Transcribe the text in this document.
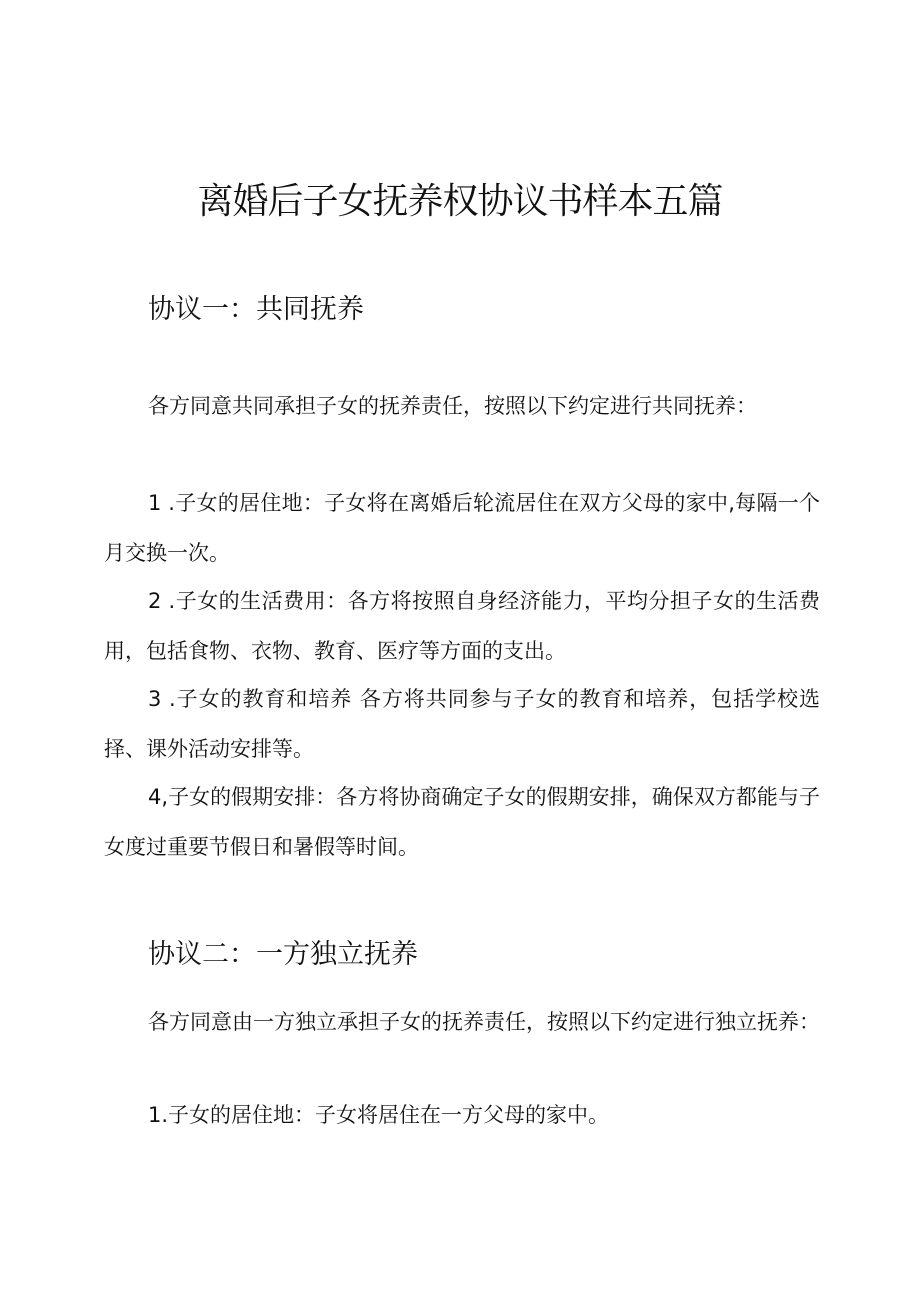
离婚后子女抚养权协议书样本五篇
协议一：共同抚养

各方同意共同承担子女的抚养责任，按照以下约定进行共同抚养：

1 .子女的居住地：子女将在离婚后轮流居住在双方父母的家中,每隔一个月交换一次。

2 .子女的生活费用：各方将按照自身经济能力，平均分担子女的生活费用，包括食物、衣物、教育、医疗等方面的支出。

3 .子女的教育和培养 各方将共同参与子女的教育和培养，包括学校选择、课外活动安排等。

4,子女的假期安排：各方将协商确定子女的假期安排，确保双方都能与子女度过重要节假日和暑假等时间。

协议二：一方独立抚养

各方同意由一方独立承担子女的抚养责任，按照以下约定进行独立抚养：

1.子女的居住地：子女将居住在一方父母的家中。
